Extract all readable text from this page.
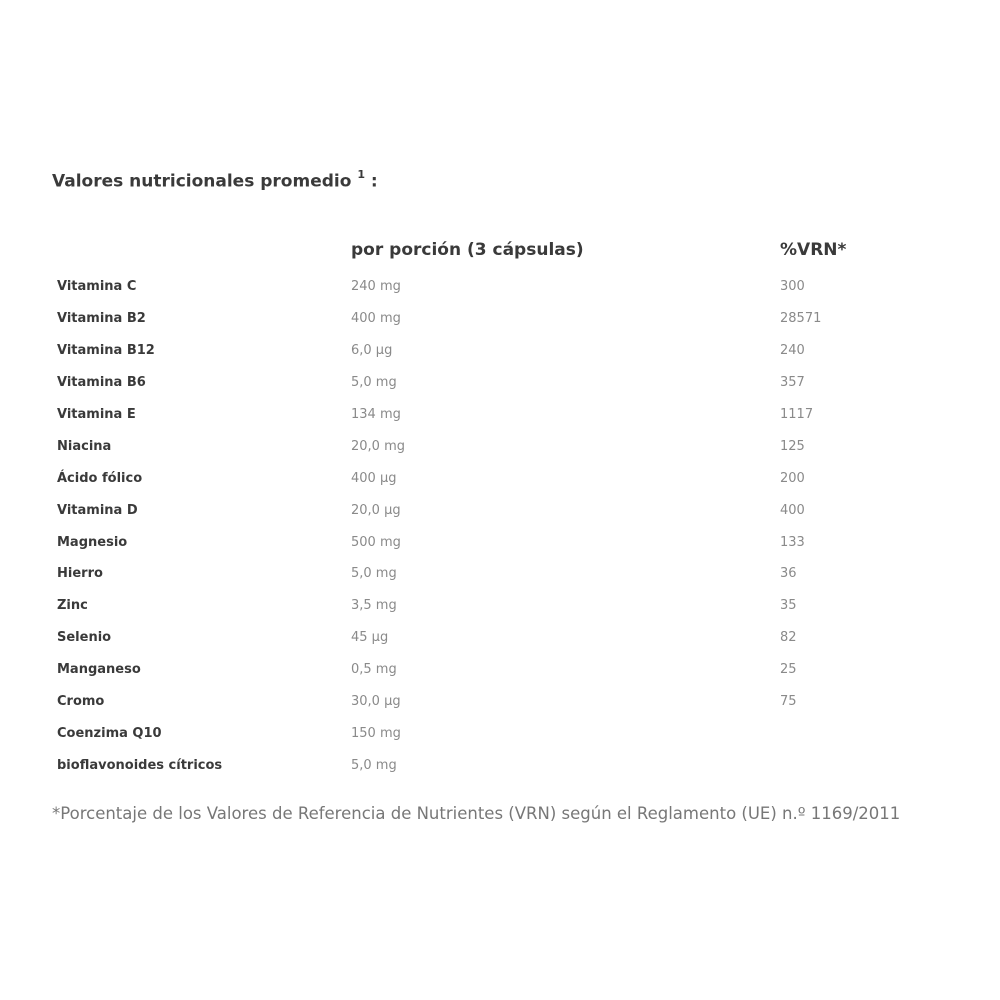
Valores nutricionales promedio $^1$ :
por porción (3 cápsulas)	%VRN*
Vitamina C	240 mg	300
Vitamina B2	400 mg	28571
Vitamina B12	6,0 µg	240
Vitamina B6	5,0 mg	357
Vitamina E	134 mg	1117
Niacina	20,0 mg	125
Ácido fólico	400 µg	200
Vitamina D	20,0 µg	400
Magnesio	500 mg	133
Hierro	5,0 mg	36
Zinc	3,5 mg	35
Selenio	45 µg	82
Manganeso	0,5 mg	25
Cromo	30,0 µg	75
Coenzima Q10	150 mg
bioflavonoides cítricos	5,0 mg
*Porcentaje de los Valores de Referencia de Nutrientes (VRN) según el Reglamento (UE) n.º 1169/2011
